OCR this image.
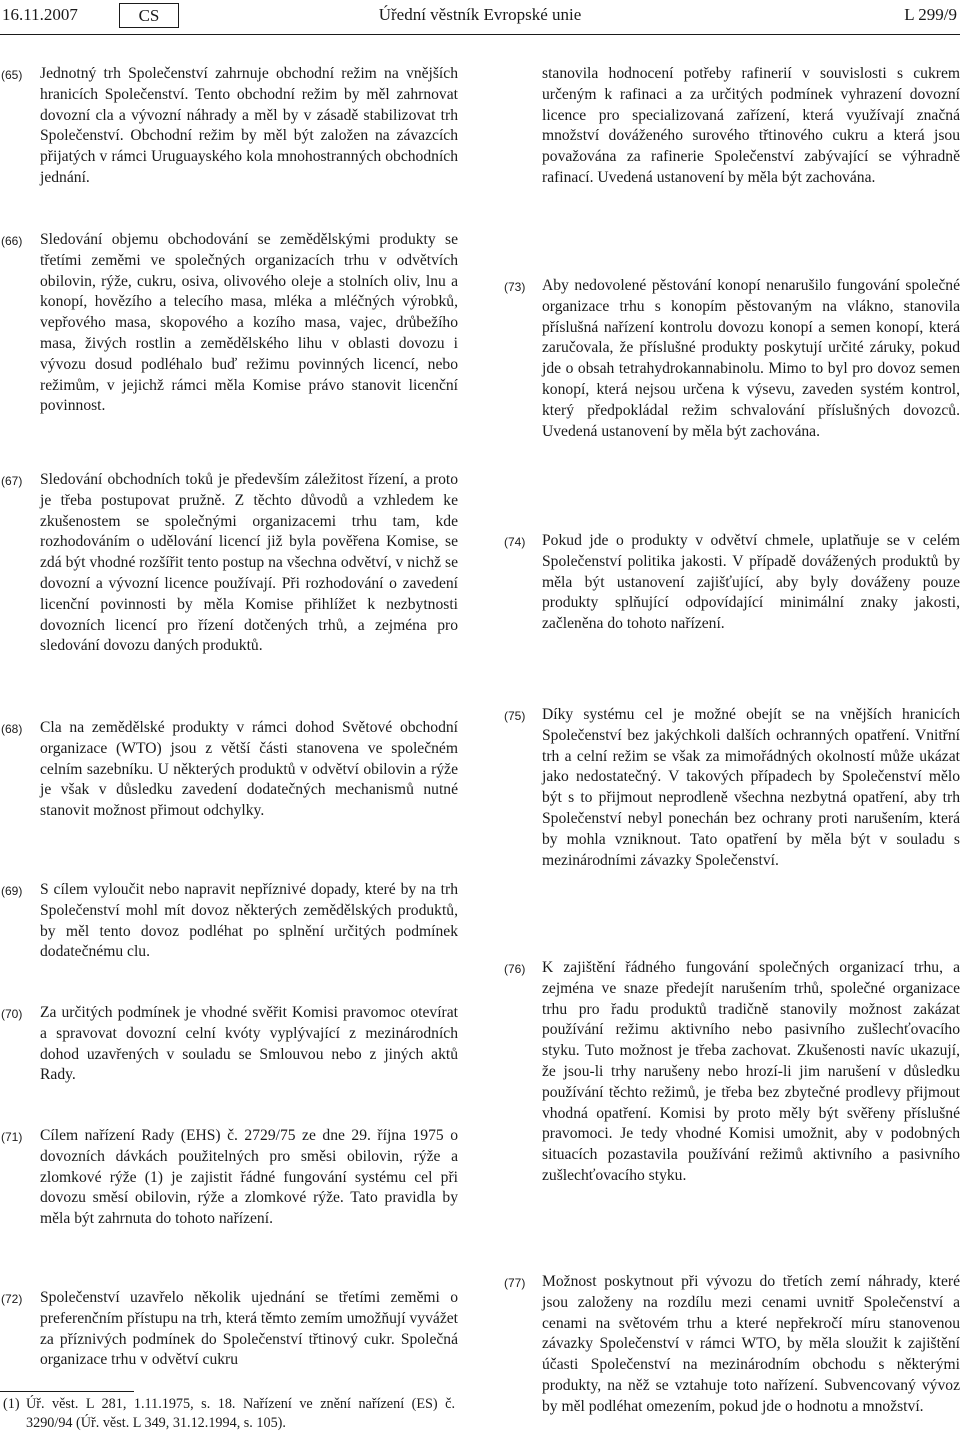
16.11.2007	CS	Úřední věstník Evropské unie	L 299/9
(65) Jednotný trh Společenství zahrnuje obchodní režim na vnějších hranicích Společenství. Tento obchodní režim by měl zahrnovat dovozní cla a vývozní náhrady a měl by v zásadě stabilizovat trh Společenství. Obchodní režim by měl být založen na závazcích přijatých v rámci Uruguayského kola mnohostranných obchodních jednání.
(66) Sledování objemu obchodování se zemědělskými produkty se třetími zeměmi ve společných organizacích trhu v odvětvích obilovin, rýže, cukru, osiva, olivového oleje a stolních oliv, lnu a konopí, hovězího a telecího masa, mléka a mléčných výrobků, vepřového masa, skopového a kozího masa, vajec, drůbežího masa, živých rostlin a zemědělského lihu v oblasti dovozu i vývozu dosud podléhalo buď režimu povinných licencí, nebo režimům, v jejichž rámci měla Komise právo stanovit licenční povinnost.
(67) Sledování obchodních toků je především záležitost řízení, a proto je třeba postupovat pružně. Z těchto důvodů a vzhledem ke zkušenostem se společnými organizacemi trhu tam, kde rozhodováním o udělování licencí již byla pověřena Komise, se zdá být vhodné rozšířit tento postup na všechna odvětví, v nichž se dovozní a vývozní licence používají. Při rozhodování o zavedení licenční povinnosti by měla Komise přihlížet k nezbytnosti dovozních licencí pro řízení dotčených trhů, a zejména pro sledování dovozu daných produktů.
(68) Cla na zemědělské produkty v rámci dohod Světové obchodní organizace (WTO) jsou z větší části stanovena ve společném celním sazebníku. U některých produktů v odvětví obilovin a rýže je však v důsledku zavedení dodatečných mechanismů nutné stanovit možnost přimout odchylky.
(69) S cílem vyloučit nebo napravit nepříznivé dopady, které by na trh Společenství mohl mít dovoz některých zemědělských produktů, by měl tento dovoz podléhat po splnění určitých podmínek dodatečnému clu.
(70) Za určitých podmínek je vhodné svěřit Komisi pravomoc otevírat a spravovat dovozní celní kvóty vyplývající z mezinárodních dohod uzavřených v souladu se Smlouvou nebo z jiných aktů Rady.
(71) Cílem nařízení Rady (EHS) č. 2729/75 ze dne 29. října 1975 o dovozních dávkách použitelných pro směsi obilovin, rýže a zlomkové rýže (1) je zajistit řádné fungování systému cel při dovozu směsí obilovin, rýže a zlomkové rýže. Tato pravidla by měla být zahrnuta do tohoto nařízení.
(72) Společenství uzavřelo několik ujednání se třetími zeměmi o preferenčním přístupu na trh, která těmto zemím umožňují vyvážet za příznivých podmínek do Společenství třtinový cukr. Společná organizace trhu v odvětví cukru
stanovila hodnocení potřeby rafinerií v souvislosti s cukrem určeným k rafinaci a za určitých podmínek vyhrazení dovozní licence pro specializovaná zařízení, která využívají značná množství dováženého surového třtinového cukru a která jsou považována za rafinerie Společenství zabývající se výhradně rafinací. Uvedená ustanovení by měla být zachována.
(73) Aby nedovolené pěstování konopí nenarušilo fungování společné organizace trhu s konopím pěstovaným na vlákno, stanovila příslušná nařízení kontrolu dovozu konopí a semen konopí, která zaručovala, že příslušné produkty poskytují určité záruky, pokud jde o obsah tetrahydrokannabinolu. Mimo to byl pro dovoz semen konopí, která nejsou určena k výsevu, zaveden systém kontrol, který předpokládal režim schvalování příslušných dovozců. Uvedená ustanovení by měla být zachována.
(74) Pokud jde o produkty v odvětví chmele, uplatňuje se v celém Společenství politika jakosti. V případě dovážených produktů by měla být ustanovení zajišťující, aby byly dováženy pouze produkty splňující odpovídající minimální znaky jakosti, začleněna do tohoto nařízení.
(75) Díky systému cel je možné obejít se na vnějších hranicích Společenství bez jakýchkoli dalších ochranných opatření. Vnitřní trh a celní režim se však za mimořádných okolností může ukázat jako nedostatečný. V takových případech by Společenství mělo být s to přijmout neprodleně všechna nezbytná opatření, aby trh Společenství nebyl ponechán bez ochrany proti narušením, která by mohla vzniknout. Tato opatření by měla být v souladu s mezinárodními závazky Společenství.
(76) K zajištění řádného fungování společných organizací trhu, a zejména ve snaze předejít narušením trhů, společné organizace trhu pro řadu produktů tradičně stanovily možnost zakázat používání režimu aktivního nebo pasivního zušlechťovacího styku. Tuto možnost je třeba zachovat. Zkušenosti navíc ukazují, že jsou-li trhy narušeny nebo hrozí-li jim narušení v důsledku používání těchto režimů, je třeba bez zbytečné prodlevy přijmout vhodná opatření. Komisi by proto měly být svěřeny příslušné pravomoci. Je tedy vhodné Komisi umožnit, aby v podobných situacích pozastavila používání režimů aktivního a pasivního zušlechťovacího styku.
(77) Možnost poskytnout při vývozu do třetích zemí náhrady, které jsou založeny na rozdílu mezi cenami uvnitř Společenství a cenami na světovém trhu a které nepřekročí míru stanovenou závazky Společenství v rámci WTO, by měla sloužit k zajištění účasti Společenství na mezinárodním obchodu s některými produkty, na něž se vztahuje toto nařízení. Subvencovaný vývoz by měl podléhat omezením, pokud jde o hodnotu a množství.
(1) Úř. věst. L 281, 1.11.1975, s. 18. Nařízení ve znění nařízení (ES) č. 3290/94 (Úř. věst. L 349, 31.12.1994, s. 105).
